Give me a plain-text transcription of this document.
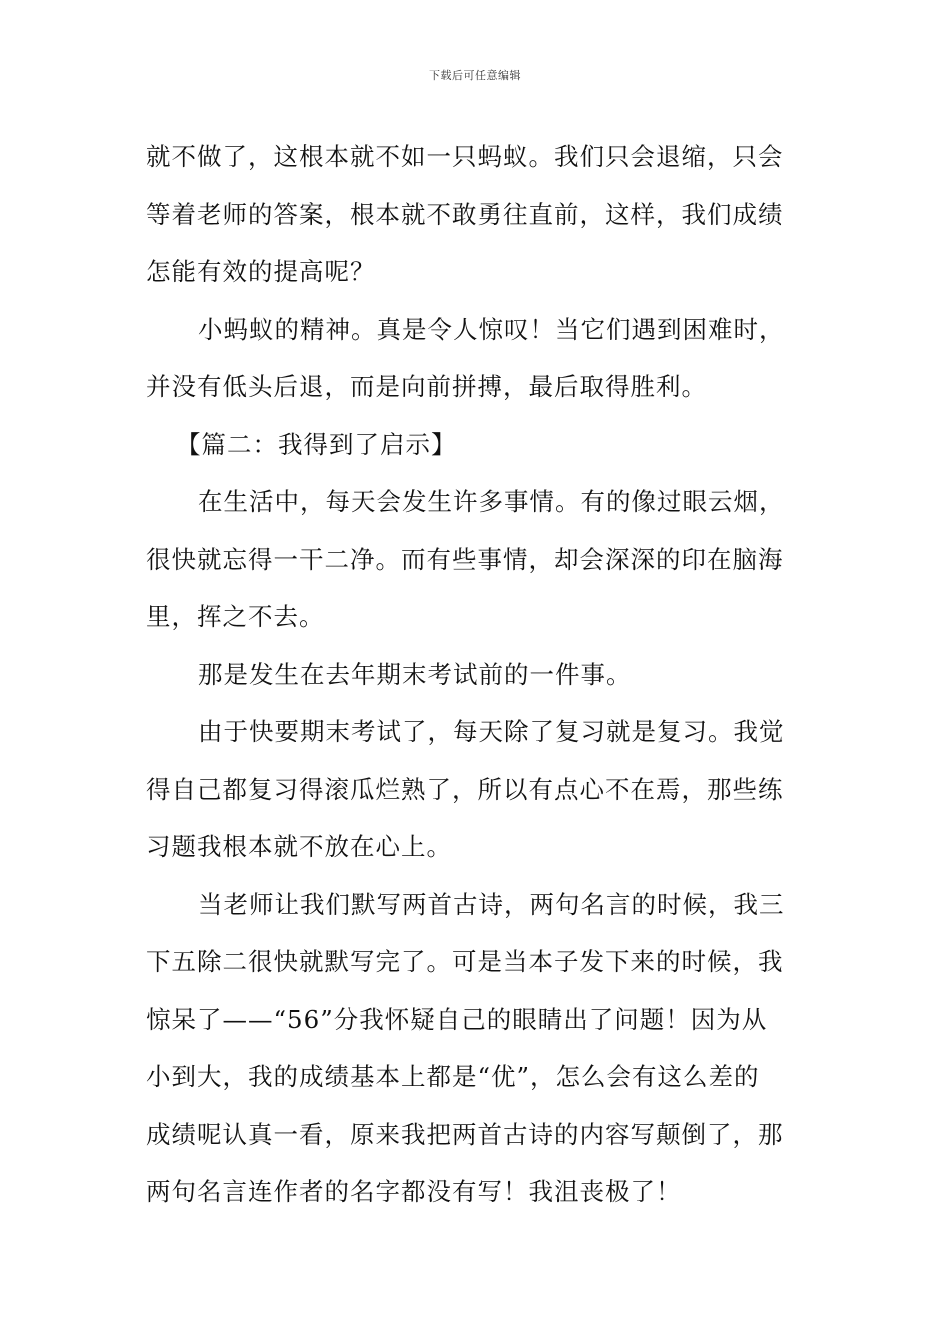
下载后可任意编辑
就不做了，这根本就不如一只蚂蚁。我们只会退缩，只会
等着老师的答案，根本就不敢勇往直前，这样，我们成绩
怎能有效的提高呢？
小蚂蚁的精神。真是令人惊叹！当它们遇到困难时，
并没有低头后退，而是向前拼搏，最后取得胜利。
【篇二：我得到了启示】
在生活中，每天会发生许多事情。有的像过眼云烟，
很快就忘得一干二净。而有些事情，却会深深的印在脑海
里，挥之不去。
那是发生在去年期末考试前的一件事。
由于快要期末考试了，每天除了复习就是复习。我觉
得自己都复习得滚瓜烂熟了，所以有点心不在焉，那些练
习题我根本就不放在心上。
当老师让我们默写两首古诗，两句名言的时候，我三
下五除二很快就默写完了。可是当本子发下来的时候，我
惊呆了——“56”分我怀疑自己的眼睛出了问题！因为从
小到大，我的成绩基本上都是“优”，怎么会有这么差的
成绩呢认真一看，原来我把两首古诗的内容写颠倒了，那
两句名言连作者的名字都没有写！我沮丧极了！
